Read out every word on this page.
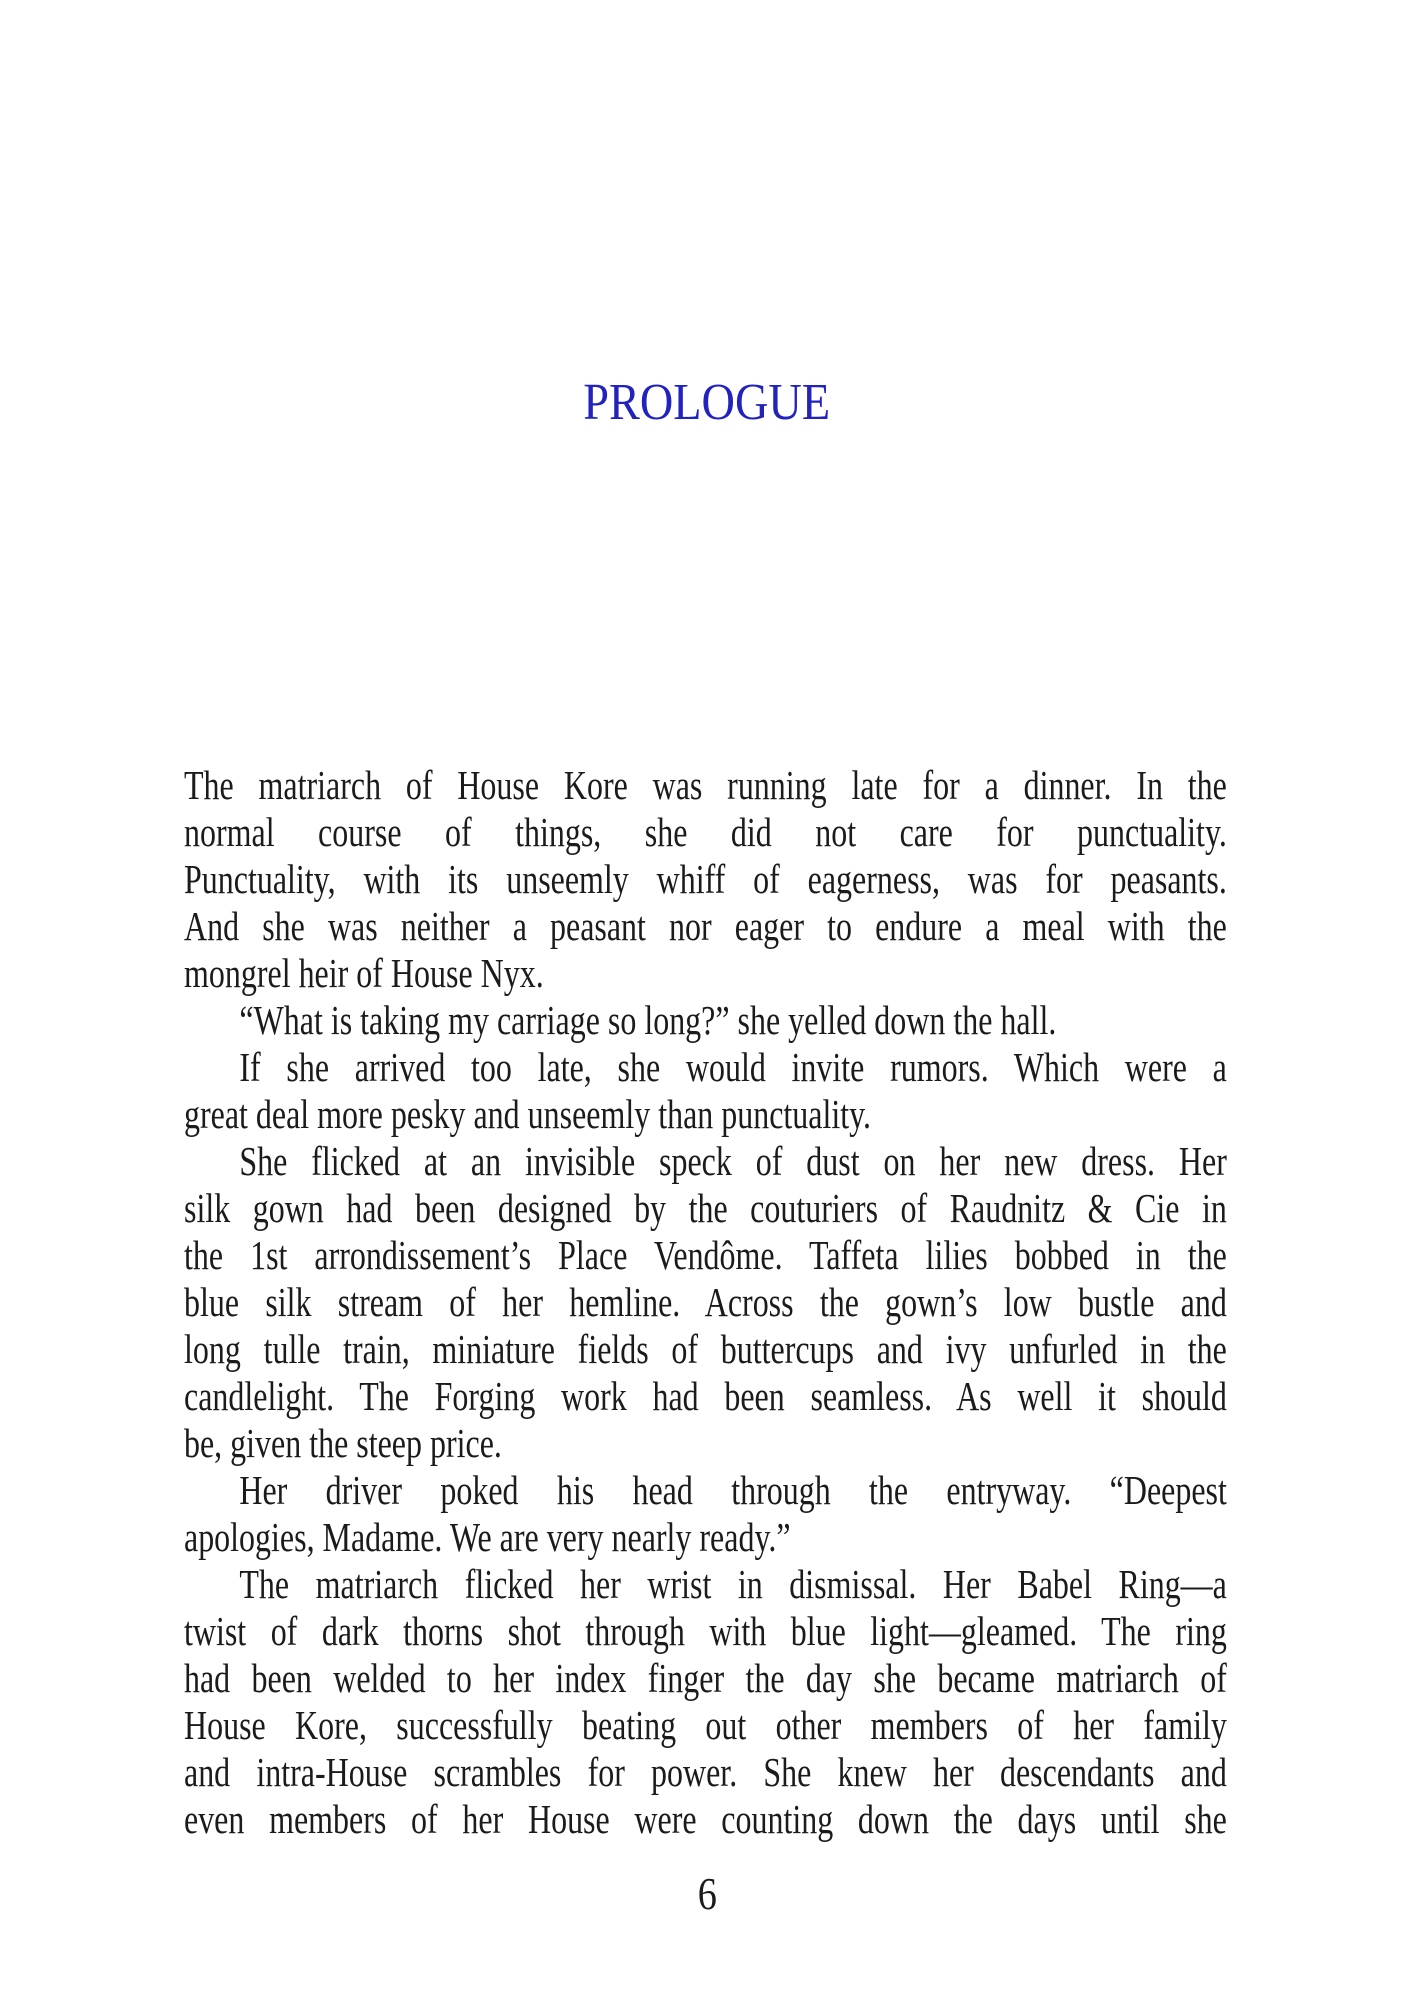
PROLOGUE
The matriarch of House Kore was running late for a dinner. In the
normal course of things, she did not care for punctuality.
Punctuality, with its unseemly whiff of eagerness, was for peasants.
And she was neither a peasant nor eager to endure a meal with the
mongrel heir of House Nyx.
“What is taking my carriage so long?” she yelled down the hall.
If she arrived too late, she would invite rumors. Which were a
great deal more pesky and unseemly than punctuality.
She flicked at an invisible speck of dust on her new dress. Her
silk gown had been designed by the couturiers of Raudnitz & Cie in
the 1st arrondissement’s Place Vendôme. Taffeta lilies bobbed in the
blue silk stream of her hemline. Across the gown’s low bustle and
long tulle train, miniature fields of buttercups and ivy unfurled in the
candlelight. The Forging work had been seamless. As well it should
be, given the steep price.
Her driver poked his head through the entryway. “Deepest
apologies, Madame. We are very nearly ready.”
The matriarch flicked her wrist in dismissal. Her Babel Ring—a
twist of dark thorns shot through with blue light—gleamed. The ring
had been welded to her index finger the day she became matriarch of
House Kore, successfully beating out other members of her family
and intra-House scrambles for power. She knew her descendants and
even members of her House were counting down the days until she
6
